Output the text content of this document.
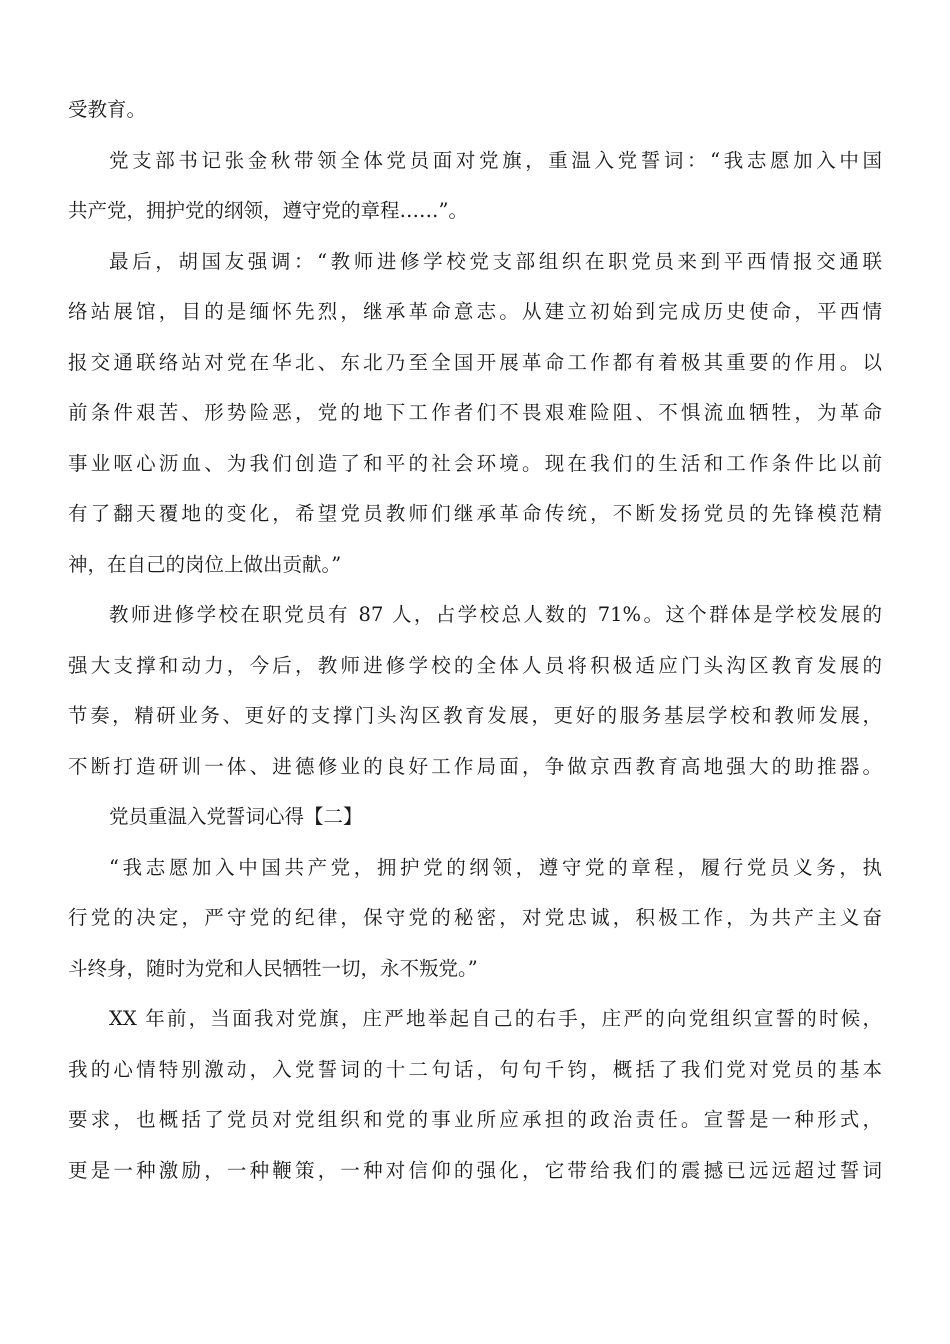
受教育。
党支部书记张金秋带领全体党员面对党旗，重温入党誓词：“我志愿加入中国
共产党，拥护党的纲领，遵守党的章程……”。
最后，胡国友强调：“教师进修学校党支部组织在职党员来到平西情报交通联
络站展馆，目的是缅怀先烈，继承革命意志。从建立初始到完成历史使命，平西情
报交通联络站对党在华北、东北乃至全国开展革命工作都有着极其重要的作用。以
前条件艰苦、形势险恶，党的地下工作者们不畏艰难险阻、不惧流血牺牲，为革命
事业呕心沥血、为我们创造了和平的社会环境。现在我们的生活和工作条件比以前
有了翻天覆地的变化，希望党员教师们继承革命传统，不断发扬党员的先锋模范精
神，在自己的岗位上做出贡献。”
教师进修学校在职党员有 87 人，占学校总人数的 71%。这个群体是学校发展的
强大支撑和动力，今后，教师进修学校的全体人员将积极适应门头沟区教育发展的
节奏，精研业务、更好的支撑门头沟区教育发展，更好的服务基层学校和教师发展，
不断打造研训一体、进德修业的良好工作局面，争做京西教育高地强大的助推器。
党员重温入党誓词心得【二】
“我志愿加入中国共产党，拥护党的纲领，遵守党的章程，履行党员义务，执
行党的决定，严守党的纪律，保守党的秘密，对党忠诚，积极工作，为共产主义奋
斗终身，随时为党和人民牺牲一切，永不叛党。”
XX 年前，当面我对党旗，庄严地举起自己的右手，庄严的向党组织宣誓的时候，
我的心情特别激动，入党誓词的十二句话，句句千钧，概括了我们党对党员的基本
要求，也概括了党员对党组织和党的事业所应承担的政治责任。宣誓是一种形式，
更是一种激励，一种鞭策，一种对信仰的强化，它带给我们的震撼已远远超过誓词
